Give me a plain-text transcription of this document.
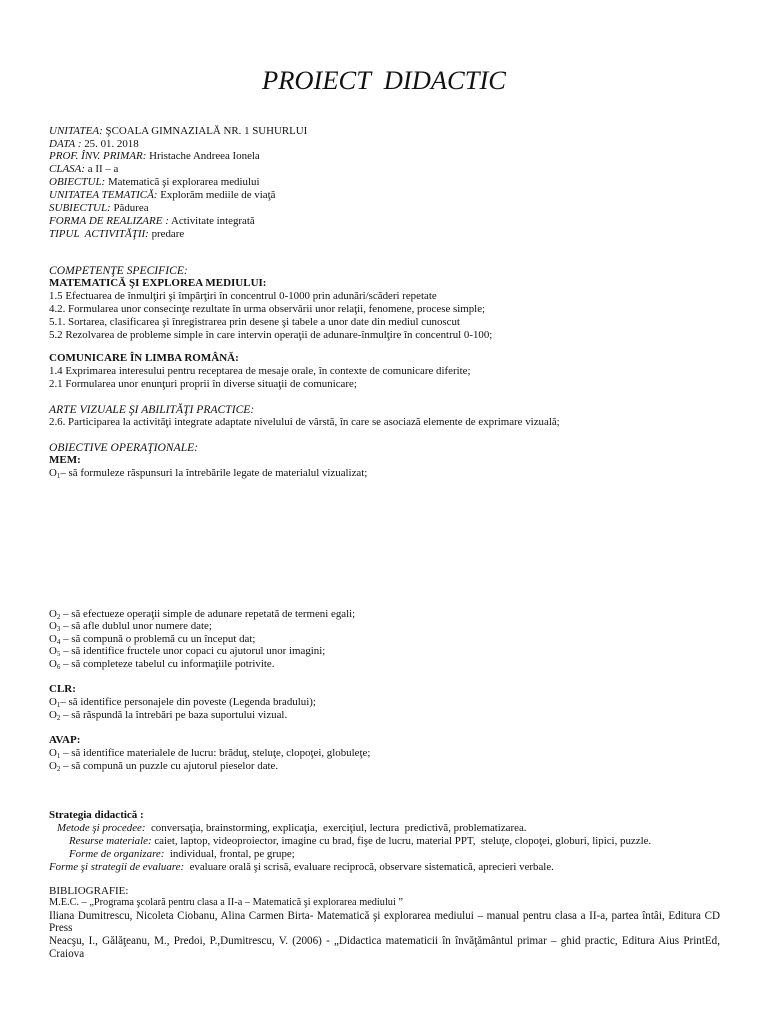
PROIECT  DIDACTIC
UNITATEA: ŞCOALA GIMNAZIALĂ NR. 1 SUHURLUI
DATA : 25. 01. 2018
PROF. ÎNV. PRIMAR: Hristache Andreea Ionela
CLASA: a II – a
OBIECTUL: Matematică şi explorarea mediului
UNITATEA TEMATICĂ: Explorăm mediile de viaţă
SUBIECTUL: Pădurea
FORMA DE REALIZARE : Activitate integrată
TIPUL  ACTIVITĂŢII: predare
COMPETENŢE SPECIFICE:
MATEMATICĂ ŞI EXPLOREA MEDIULUI:
1.5 Efectuarea de înmulţiri şi împărţiri în concentrul 0-1000 prin adunări/scăderi repetate
4.2. Formularea unor consecinţe rezultate în urma observării unor relaţii, fenomene, procese simple;
5.1. Sortarea, clasificarea şi înregistrarea prin desene şi tabele a unor date din mediul cunoscut
5.2 Rezolvarea de probleme simple în care intervin operaţii de adunare-înmulţire în concentrul 0-100;
COMUNICARE ÎN LIMBA ROMÂNĂ:
1.4 Exprimarea interesului pentru receptarea de mesaje orale, în contexte de comunicare diferite;
2.1 Formularea unor enunţuri proprii în diverse situaţii de comunicare;
ARTE VIZUALE ŞI ABILITĂŢI PRACTICE:
2.6. Participarea la activităţi integrate adaptate nivelului de vârstă, în care se asociază elemente de exprimare vizuală;
OBIECTIVE OPERAŢIONALE:
MEM:
$O_1-$ să formuleze răspunsuri la întrebările legate de materialul vizualizat;
$O_2$ – să efectueze operaţii simple de adunare repetată de termeni egali;
$O_3$ – să afle dublul unor numere date;
$O_4$ – să compună o problemă cu un început dat;
$O_5$ – să identifice fructele unor copaci cu ajutorul unor imagini;
$O_6$ – să completeze tabelul cu informaţiile potrivite.
CLR:
$O_1-$ să identifice personajele din poveste (Legenda bradului);
$O_2$ – să răspundă la întrebări pe baza suportului vizual.
AVAP:
$O_1$ – să identifice materialele de lucru: brăduţ, steluţe, clopoţei, globuleţe;
$O_2$ – să compună un puzzle cu ajutorul pieselor date.
Strategia didactică :
Metode şi procedee:  conversaţia, brainstorming, explicaţia,  exerciţiul, lectura  predictivă, problematizarea.
Resurse materiale: caiet, laptop, videoproiector, imagine cu brad, fişe de lucru, material PPT,  steluţe, clopoţei, globuri, lipici, puzzle.
Forme de organizare:  individual, frontal, pe grupe;
Forme şi strategii de evaluare:  evaluare orală şi scrisă, evaluare reciprocă, observare sistematică, aprecieri verbale.
BIBLIOGRAFIE:
M.E.C. – „Programa şcolară pentru clasa a II-a – Matematică şi explorarea mediului ”
Iliana Dumitrescu, Nicoleta Ciobanu, Alina Carmen Birta- Matematică şi explorarea mediului – manual pentru clasa a II-a, partea întâi, Editura CD Press
Neacşu, I., Gălăţeanu, M., Predoi, P.,Dumitrescu, V. (2006) - „Didactica matematicii în învăţământul primar – ghid practic, Editura Aius PrintEd, Craiova
